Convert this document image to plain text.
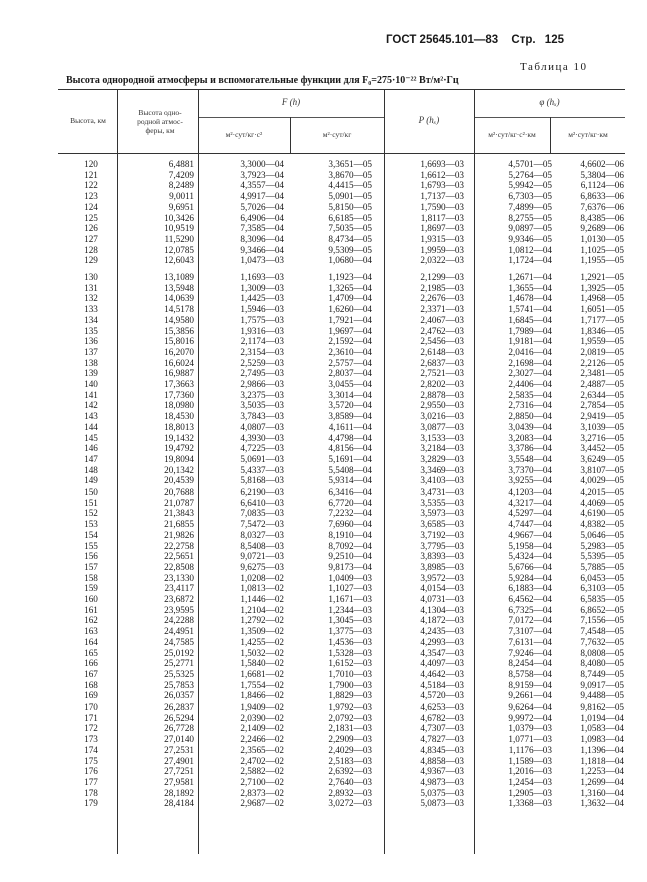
ГОСТ 25645.101—83 Стр. 125
Таблица 10
Высота однородной атмосферы и вспомогательные функции для F₀=275·10⁻²² Вт/м²·Гц
Высота, км
Высота одно-родной атмос-феры, км
F (h)
м²·сут/кг·с²	м²·сут/кг
P (hₓ)
φ (hₓ)
м²·сут/кг·с²·км	м²·сут/кг·км
120	6,4881	3,3000—04	3,3651—05	1,6693—03	4,5701—05	4,6602—06
121	7,4209	3,7923—04	3,8670—05	1,6612—03	5,2764—05	5,3804—06
122	8,2489	4,3557—04	4,4415—05	1,6793—03	5,9942—05	6,1124—06
123	9,0011	4,9917—04	5,0901—05	1,7137—03	6,7303—05	6,8633—06
124	9,6951	5,7026—04	5,8150—05	1,7590—03	7,4899—05	7,6376—06
125	10,3426	6,4906—04	6,6185—05	1,8117—03	8,2755—05	8,4385—06
126	10,9519	7,3585—04	7,5035—05	1,8697—03	9,0897—05	9,2689—06
127	11,5290	8,3096—04	8,4734—05	1,9315—03	9,9346—05	1,0130—05
128	12,0785	9,3466—04	9,5309—05	1,9959—03	1,0812—04	1,1025—05
129	12,6043	1,0473—03	1,0680—04	2,0322—03	1,1724—04	1,1955—05
130	13,1089	1,1693—03	1,1923—04	2,1299—03	1,2671—04	1,2921—05
131	13,5948	1,3009—03	1,3265—04	2,1985—03	1,3655—04	1,3925—05
132	14,0639	1,4425—03	1,4709—04	2,2676—03	1,4678—04	1,4968—05
133	14,5178	1,5946—03	1,6260—04	2,3371—03	1,5741—04	1,6051—05
134	14,9580	1,7575—03	1,7921—04	2,4067—03	1,6845—04	1,7177—05
135	15,3856	1,9316—03	1,9697—04	2,4762—03	1,7989—04	1,8346—05
136	15,8016	2,1174—03	2,1592—04	2,5456—03	1,9181—04	1,9559—05
137	16,2070	2,3154—03	2,3610—04	2,6148—03	2,0416—04	2,0819—05
138	16,6024	2,5259—03	2,5757—04	2,6837—03	2,1698—04	2,2126—05
139	16,9887	2,7495—03	2,8037—04	2,7521—03	2,3027—04	2,3481—05
140	17,3663	2,9866—03	3,0455—04	2,8202—03	2,4406—04	2,4887—05
141	17,7360	3,2375—03	3,3014—04	2,8878—03	2,5835—04	2,6344—05
142	18,0980	3,5035—03	3,5720—04	2,9550—03	2,7316—04	2,7854—05
143	18,4530	3,7843—03	3,8589—04	3,0216—03	2,8850—04	2,9419—05
144	18,8013	4,0807—03	4,1611—04	3,0877—03	3,0439—04	3,1039—05
145	19,1432	4,3930—03	4,4798—04	3,1533—03	3,2083—04	3,2716—05
146	19,4792	4,7225—03	4,8156—04	3,2184—03	3,3786—04	3,4452—05
147	19,8094	5,0691—03	5,1691—04	3,2829—03	3,5548—04	3,6249—05
148	20,1342	5,4337—03	5,5408—04	3,3469—03	3,7370—04	3,8107—05
149	20,4539	5,8168—03	5,9314—04	3,4103—03	3,9255—04	4,0029—05
150	20,7688	6,2190—03	6,3416—04	3,4731—03	4,1203—04	4,2015—05
151	21,0787	6,6410—03	6,7720—04	3,5355—03	4,3217—04	4,4069—05
152	21,3843	7,0835—03	7,2232—04	3,5973—03	4,5297—04	4,6190—05
153	21,6855	7,5472—03	7,6960—04	3,6585—03	4,7447—04	4,8382—05
154	21,9826	8,0327—03	8,1910—04	3,7192—03	4,9667—04	5,0646—05
155	22,2758	8,5408—03	8,7092—04	3,7795—03	5,1958—04	5,2983—05
156	22,5651	9,0721—03	9,2510—04	3,8393—03	5,4324—04	5,5395—05
157	22,8508	9,6275—03	9,8173—04	3,8985—03	5,6766—04	5,7885—05
158	23,1330	1,0208—02	1,0409—03	3,9572—03	5,9284—04	6,0453—05
159	23,4117	1,0813—02	1,1027—03	4,0154—03	6,1883—04	6,3103—05
160	23,6872	1,1446—02	1,1671—03	4,0731—03	6,4562—04	6,5835—05
161	23,9595	1,2104—02	1,2344—03	4,1304—03	6,7325—04	6,8652—05
162	24,2288	1,2792—02	1,3045—03	4,1872—03	7,0172—04	7,1556—05
163	24,4951	1,3509—02	1,3775—03	4,2435—03	7,3107—04	7,4548—05
164	24,7585	1,4255—02	1,4536—03	4,2993—03	7,6131—04	7,7632—05
165	25,0192	1,5032—02	1,5328—03	4,3547—03	7,9246—04	8,0808—05
166	25,2771	1,5840—02	1,6152—03	4,4097—03	8,2454—04	8,4080—05
167	25,5325	1,6681—02	1,7010—03	4,4642—03	8,5758—04	8,7449—05
168	25,7853	1,7554—02	1,7900—03	4,5184—03	8,9159—04	9,0917—05
169	26,0357	1,8466—02	1,8829—03	4,5720—03	9,2661—04	9,4488—05
170	26,2837	1,9409—02	1,9792—03	4,6253—03	9,6264—04	9,8162—05
171	26,5294	2,0390—02	2,0792—03	4,6782—03	9,9972—04	1,0194—04
172	26,7728	2,1409—02	2,1831—03	4,7307—03	1,0379—03	1,0583—04
173	27,0140	2,2466—02	2,2909—03	4,7827—03	1,0771—03	1,0983—04
174	27,2531	2,3565—02	2,4029—03	4,8345—03	1,1176—03	1,1396—04
175	27,4901	2,4702—02	2,5183—03	4,8858—03	1,1589—03	1,1818—04
176	27,7251	2,5882—02	2,6392—03	4,9367—03	1,2016—03	1,2253—04
177	27,9581	2,7100—02	2,7640—03	4,9873—03	1,2454—03	1,2699—04
178	28,1892	2,8373—02	2,8932—03	5,0375—03	1,2905—03	1,3160—04
179	28,4184	2,9687—02	3,0272—03	5,0873—03	1,3368—03	1,3632—04
